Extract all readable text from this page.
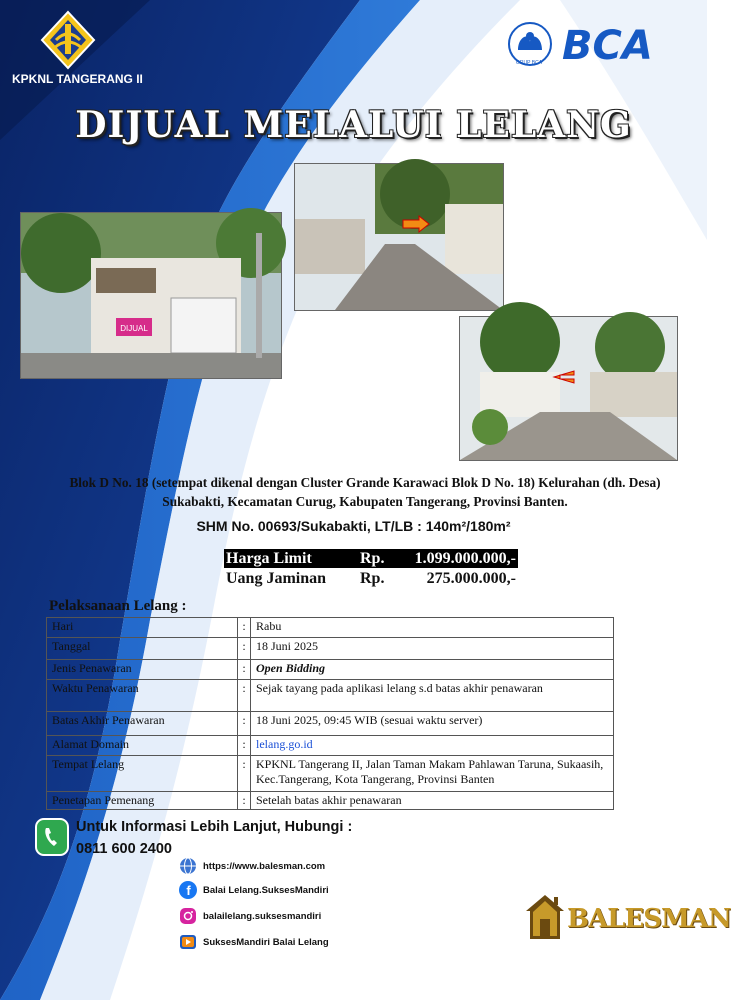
KPKNL TANGERANG II
BCA
GRUP BCA
DIJUAL MELALUI LELANG
DIJUAL
Blok D No. 18 (setempat dikenal dengan Cluster Grande Karawaci Blok D No. 18) Kelurahan (dh. Desa) Sukabakti, Kecamatan Curug, Kabupaten Tangerang, Provinsi Banten.
SHM No. 00693/Sukabakti, LT/LB : 140m²/180m²
Harga Limit	Rp. 1.099.000.000,-
Uang Jaminan Rp.	275.000.000,-
Pelaksanaan Lelang :
Hari	:	Rabu
Tanggal	:	18 Juni 2025
Jenis Penawaran	:	Open Bidding
Waktu Penawaran	:	Sejak tayang pada aplikasi lelang s.d batas akhir penawaran
Batas Akhir Penawaran	:	18 Juni 2025, 09:45 WIB (sesuai waktu server)
Alamat Domain	:	lelang.go.id
Tempat Lelang	:	KPKNL Tangerang II, Jalan Taman Makam Pahlawan Taruna, Sukaasih, Kec.Tangerang, Kota Tangerang, Provinsi Banten
Penetapan Pemenang	:	Setelah batas akhir penawaran
Untuk Informasi Lebih Lanjut, Hubungi :
0811 600 2400
https://www.balesman.com
f Balai Lelang.SuksesMandiri
balailelang.suksesmandiri
SuksesMandiri Balai Lelang
BALESMAN
